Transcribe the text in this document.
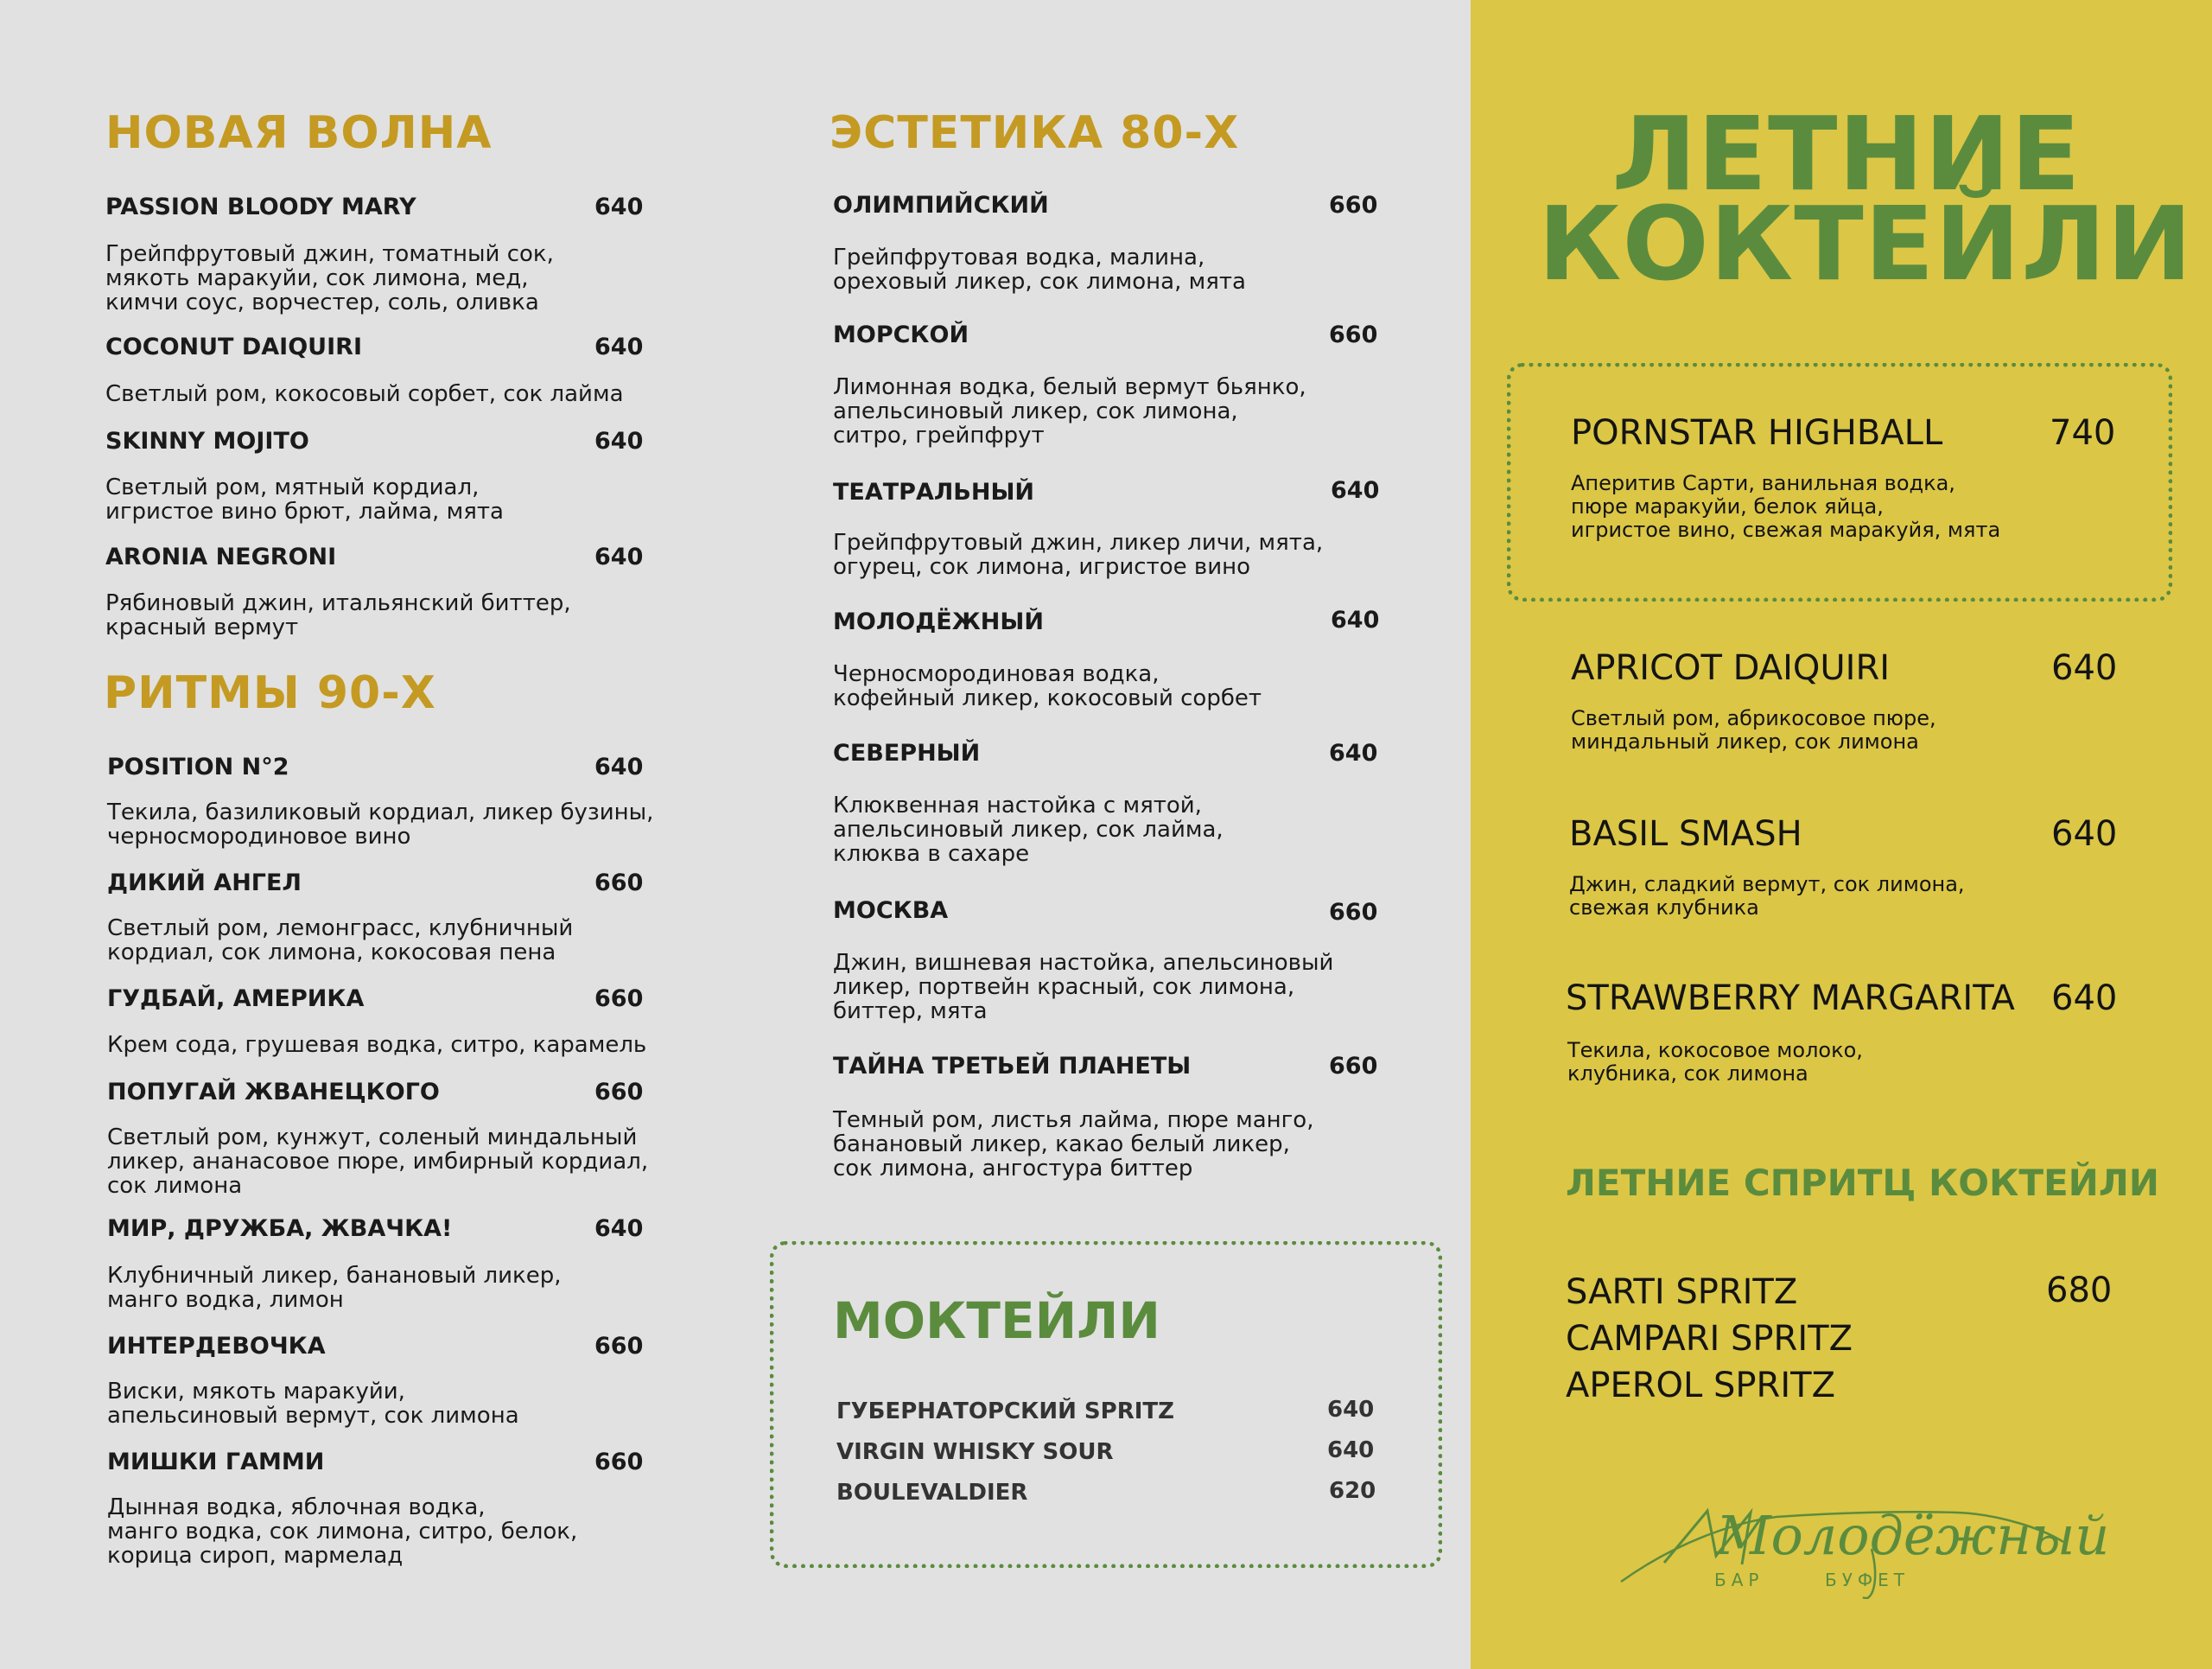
НОВАЯ ВОЛНА
PASSION BLOODY MARY	640
Грейпфрутовый джин, томатный сок,
мякоть маракуйи, сок лимона, мед,
кимчи соус, ворчестер, соль, оливка
COCONUT DAIQUIRI	640
Светлый ром, кокосовый сорбет, сок лайма
SKINNY MOJITO	640
Светлый ром, мятный кордиал,
игристое вино брют, лайма, мята
ARONIA NEGRONI	640
Рябиновый джин, итальянский биттер,
красный вермут
РИТМЫ 90-Х
POSITION N°2	640
Текила, базиликовый кордиал, ликер бузины,
черносмородиновое вино
ДИКИЙ АНГЕЛ	660
Светлый ром, лемонграсс, клубничный
кордиал, сок лимона, кокосовая пена
ГУДБАЙ, АМЕРИКА	660
Крем сода, грушевая водка, ситро, карамель
ПОПУГАЙ ЖВАНЕЦКОГО	660
Светлый ром, кунжут, соленый миндальный
ликер, ананасовое пюре, имбирный кордиал,
сок лимона
МИР, ДРУЖБА, ЖВАЧКА!	640
Клубничный ликер, банановый ликер,
манго водка, лимон
ИНТЕРДЕВОЧКА	660
Виски, мякоть маракуйи,
апельсиновый вермут, сок лимона
МИШКИ ГАММИ	660
Дынная водка, яблочная водка,
манго водка, сок лимона, ситро, белок,
корица сироп, мармелад
ЭСТЕТИКА 80-Х
ОЛИМПИЙСКИЙ	660
Грейпфрутовая водка, малина,
ореховый ликер, сок лимона, мята
МОРСКОЙ	660
Лимонная водка, белый вермут бьянко,
апельсиновый ликер, сок лимона,
ситро, грейпфрут
ТЕАТРАЛЬНЫЙ	640
Грейпфрутовый джин, ликер личи, мята,
огурец, сок лимона, игристое вино
МОЛОДЁЖНЫЙ	640
Черносмородиновая водка,
кофейный ликер, кокосовый сорбет
СЕВЕРНЫЙ	640
Клюквенная настойка с мятой,
апельсиновый ликер, сок лайма,
клюква в сахаре
МОСКВА	660
Джин, вишневая настойка, апельсиновый
ликер, портвейн красный, сок лимона,
биттер, мята
ТАЙНА ТРЕТЬЕЙ ПЛАНЕТЫ	660
Темный ром, листья лайма, пюре манго,
банановый ликер, какао белый ликер,
сок лимона, ангостура биттер
МОКТЕЙЛИ
ГУБЕРНАТОРСКИЙ SPRITZ	640
VIRGIN WHISKY SOUR	640
BOULEVALDIER	620
ЛЕТНИЕ
КОКТЕЙЛИ
PORNSTAR HIGHBALL	740
Аперитив Сарти, ванильная водка,
пюре маракуйи, белок яйца,
игристое вино, свежая маракуйя, мята
APRICOT DAIQUIRI	640
Светлый ром, абрикосовое пюре,
миндальный ликер, сок лимона
BASIL SMASH	640
Джин, сладкий вермут, сок лимона,
свежая клубника
STRAWBERRY MARGARITA 640
Текила, кокосовое молоко,
клубника, сок лимона
ЛЕТНИЕ СПРИТЦ КОКТЕЙЛИ
SARTI SPRITZ	680
CAMPARI SPRITZ
APEROL SPRITZ
Молодёжный
БАР	БУФЕТ
